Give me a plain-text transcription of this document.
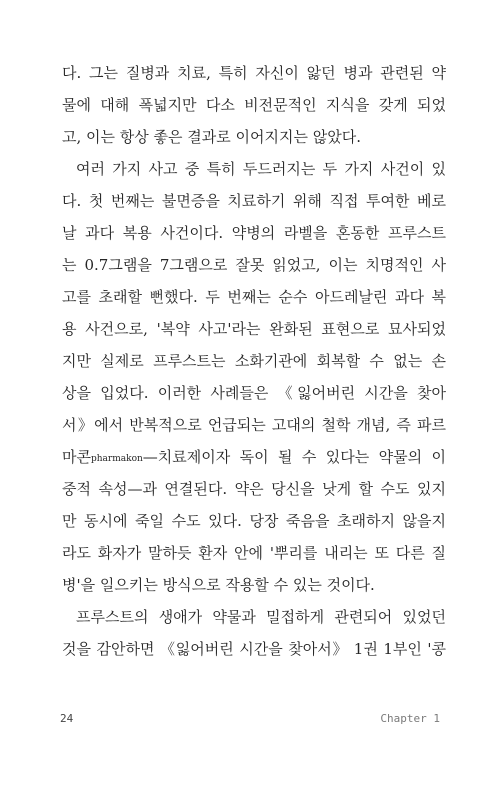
다. 그는 질병과 치료, 특히 자신이 앓던 병과 관련된 약
물에 대해 폭넓지만 다소 비전문적인 지식을 갖게 되었
고, 이는 항상 좋은 결과로 이어지지는 않았다.
여러 가지 사고 중 특히 두드러지는 두 가지 사건이 있
다. 첫 번째는 불면증을 치료하기 위해 직접 투여한 베로
날 과다 복용 사건이다. 약병의 라벨을 혼동한 프루스트
는 0.7그램을 7그램으로 잘못 읽었고, 이는 치명적인 사
고를 초래할 뻔했다. 두 번째는 순수 아드레날린 과다 복
용 사건으로, '복약 사고'라는 완화된 표현으로 묘사되었
지만 실제로 프루스트는 소화기관에 회복할 수 없는 손
상을 입었다. 이러한 사례들은 《잃어버린 시간을 찾아
서》에서 반복적으로 언급되는 고대의 철학 개념, 즉 파르
마콘pharmakon—치료제이자 독이 될 수 있다는 약물의 이
중적 속성—과 연결된다. 약은 당신을 낫게 할 수도 있지
만 동시에 죽일 수도 있다. 당장 죽음을 초래하지 않을지
라도 화자가 말하듯 환자 안에 '뿌리를 내리는 또 다른 질
병'을 일으키는 방식으로 작용할 수 있는 것이다.
프루스트의 생애가 약물과 밀접하게 관련되어 있었던
것을 감안하면 《잃어버린 시간을 찾아서》 1권 1부인 '콩
24	Chapter 1
